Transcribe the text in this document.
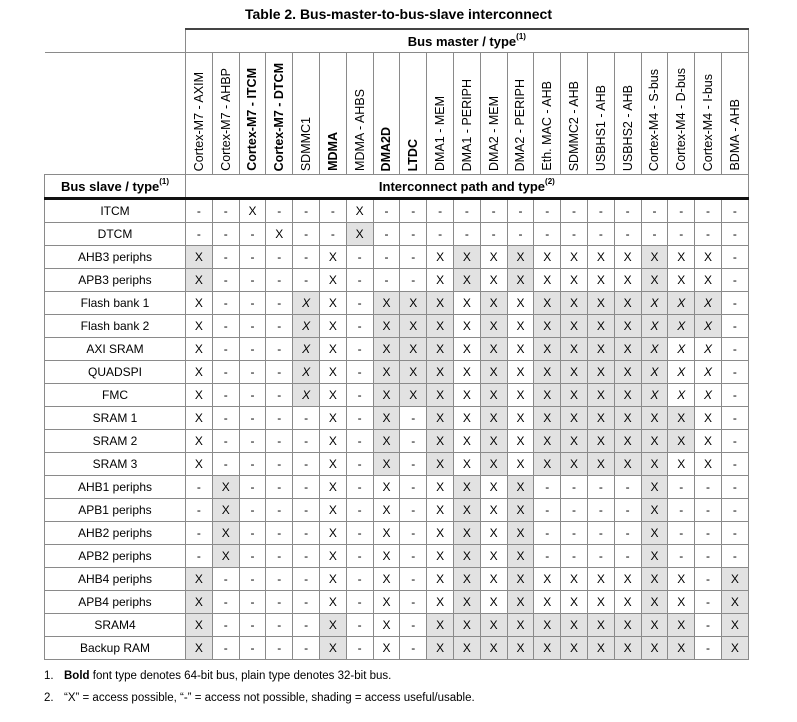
Table 2. Bus-master-to-bus-slave interconnect
	Bus master / type$^{(1)}$
	Cortex-M7 - AXIM	Cortex-M7 - AHBP	Cortex-M7 - ITCM	Cortex-M7 - DTCM	SDMMC1	MDMA	MDMA - AHBS	DMA2D	LTDC	DMA1 - MEM	DMA1 - PERIPH	DMA2 - MEM	DMA2 - PERIPH	Eth. MAC - AHB	SDMMC2 - AHB	USBHS1 - AHB	USBHS2 - AHB	Cortex-M4 - S-bus	Cortex-M4 - D-bus	Cortex-M4 - I-bus	BDMA - AHB
Bus slave / type$^{(1)}$	Interconnect path and type$^{(2)}$
ITCM	-	-	X	-	-	-	X	-	-	-	-	-	-	-	-	-	-	-	-	-	-
DTCM	-	-	-	X	-	-	X	-	-	-	-	-	-	-	-	-	-	-	-	-	-
AHB3 periphs	X	-	-	-	-	X	-	-	-	X	X	X	X	X	X	X	X	X	X	X	-
APB3 periphs	X	-	-	-	-	X	-	-	-	X	X	X	X	X	X	X	X	X	X	X	-
Flash bank 1	X	-	-	-	X	X	-	X	X	X	X	X	X	X	X	X	X	X	X	X	-
Flash bank 2	X	-	-	-	X	X	-	X	X	X	X	X	X	X	X	X	X	X	X	X	-
AXI SRAM	X	-	-	-	X	X	-	X	X	X	X	X	X	X	X	X	X	X	X	X	-
QUADSPI	X	-	-	-	X	X	-	X	X	X	X	X	X	X	X	X	X	X	X	X	-
FMC	X	-	-	-	X	X	-	X	X	X	X	X	X	X	X	X	X	X	X	X	-
SRAM 1	X	-	-	-	-	X	-	X	-	X	X	X	X	X	X	X	X	X	X	X	-
SRAM 2	X	-	-	-	-	X	-	X	-	X	X	X	X	X	X	X	X	X	X	X	-
SRAM 3	X	-	-	-	-	X	-	X	-	X	X	X	X	X	X	X	X	X	X	X	-
AHB1 periphs	-	X	-	-	-	X	-	X	-	X	X	X	X	-	-	-	-	X	-	-	-
APB1 periphs	-	X	-	-	-	X	-	X	-	X	X	X	X	-	-	-	-	X	-	-	-
AHB2 periphs	-	X	-	-	-	X	-	X	-	X	X	X	X	-	-	-	-	X	-	-	-
APB2 periphs	-	X	-	-	-	X	-	X	-	X	X	X	X	-	-	-	-	X	-	-	-
AHB4 periphs	X	-	-	-	-	X	-	X	-	X	X	X	X	X	X	X	X	X	X	-	X
APB4 periphs	X	-	-	-	-	X	-	X	-	X	X	X	X	X	X	X	X	X	X	-	X
SRAM4	X	-	-	-	-	X	-	X	-	X	X	X	X	X	X	X	X	X	X	-	X
Backup RAM	X	-	-	-	-	X	-	X	-	X	X	X	X	X	X	X	X	X	X	-	X
1. Bold font type denotes 64-bit bus, plain type denotes 32-bit bus.
2. “X” = access possible, “-” = access not possible, shading = access useful/usable.
